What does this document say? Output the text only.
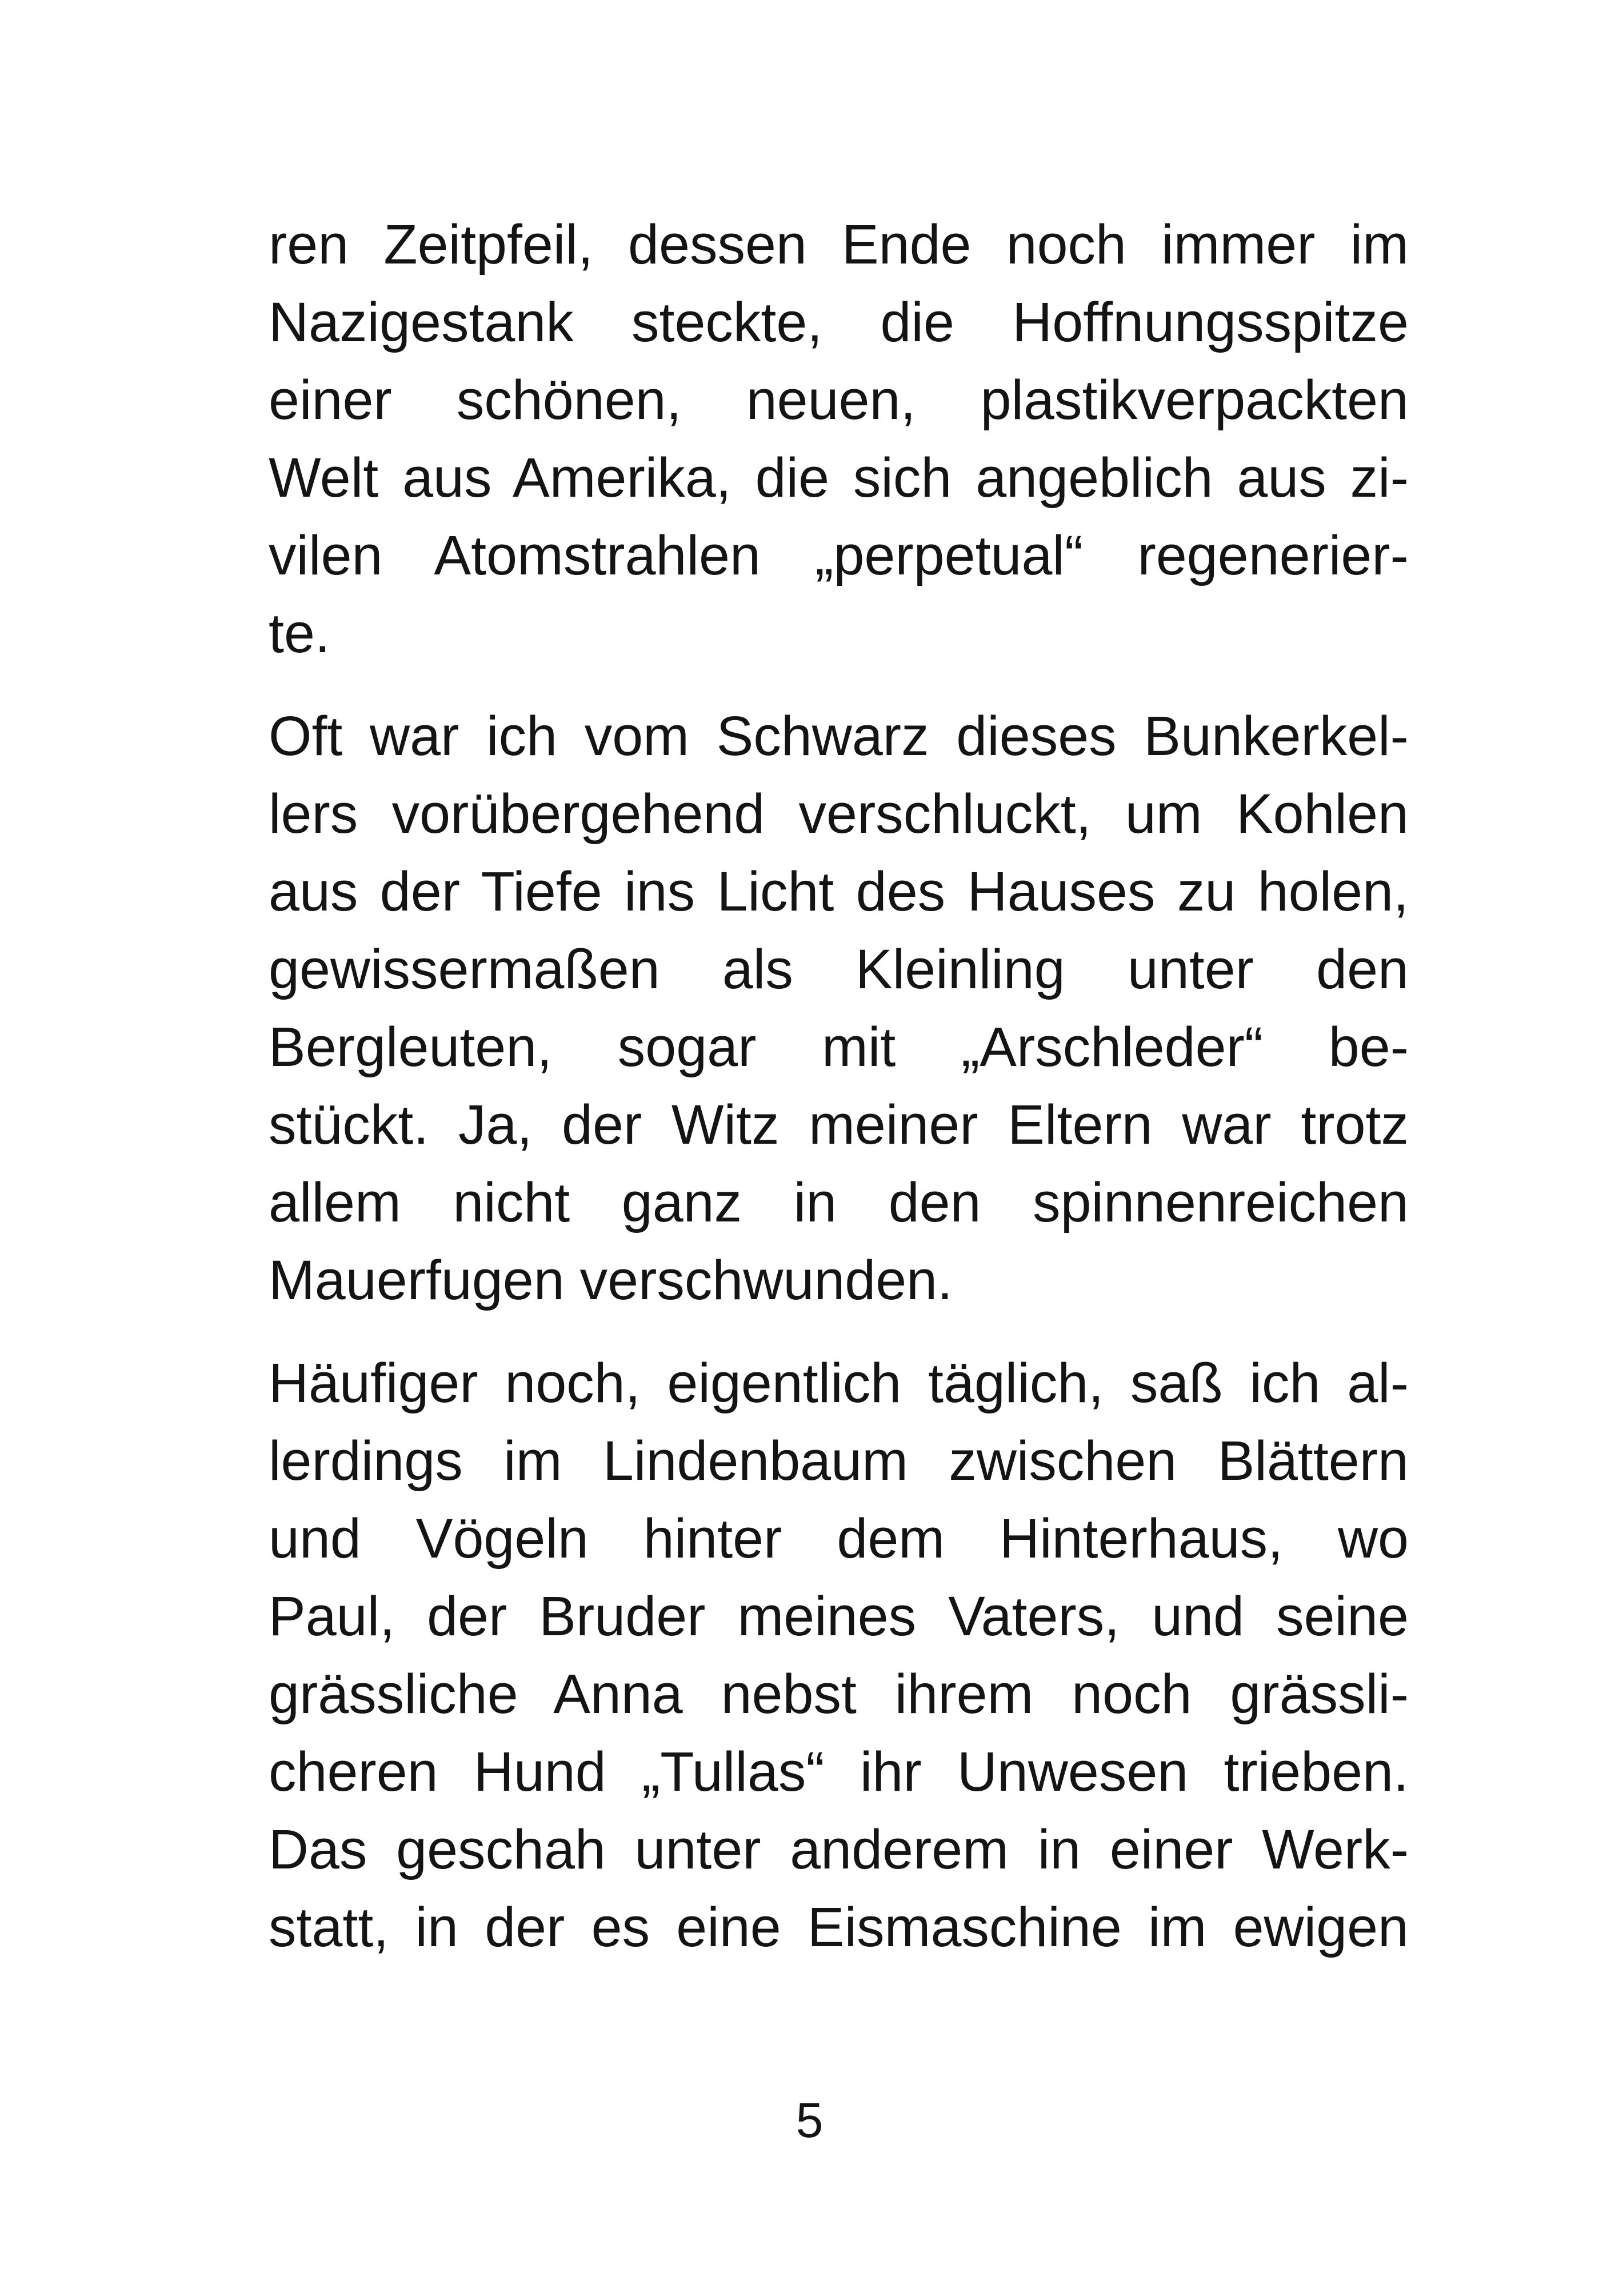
ren Zeitpfeil, dessen Ende noch immer im
Nazigestank steckte, die Hoffnungsspitze
einer schönen, neuen, plastikverpackten
Welt aus Amerika, die sich angeblich aus zi-
vilen Atomstrahlen „perpetual“ regenerier-
te.

Oft war ich vom Schwarz dieses Bunkerkel-
lers vorübergehend verschluckt, um Kohlen
aus der Tiefe ins Licht des Hauses zu holen,
gewissermaßen als Kleinling unter den
Bergleuten, sogar mit „Arschleder“ be-
stückt. Ja, der Witz meiner Eltern war trotz
allem nicht ganz in den spinnenreichen
Mauerfugen verschwunden.

Häufiger noch, eigentlich täglich, saß ich al-
lerdings im Lindenbaum zwischen Blättern
und Vögeln hinter dem Hinterhaus, wo
Paul, der Bruder meines Vaters, und seine
grässliche Anna nebst ihrem noch grässli-
cheren Hund „Tullas“ ihr Unwesen trieben.
Das geschah unter anderem in einer Werk-
statt, in der es eine Eismaschine im ewigen

5
